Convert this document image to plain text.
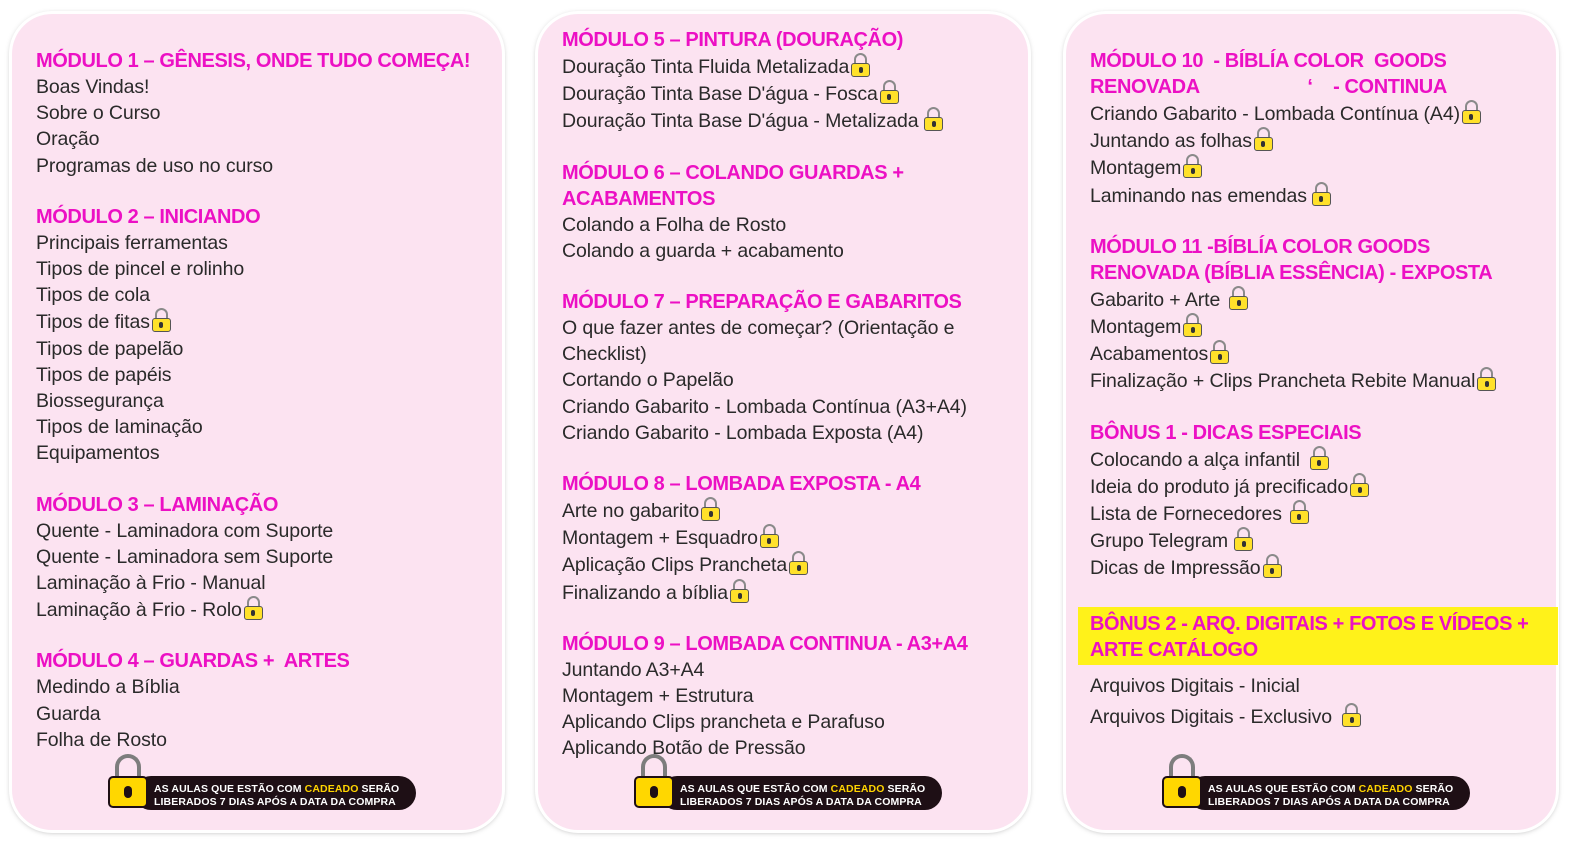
MÓDULO 1 – GÊNESIS, ONDE TUDO COMEÇA!
Boas Vindas!
Sobre o Curso
Oração
Programas de uso no curso
MÓDULO 2 – INICIANDO
Principais ferramentas
Tipos de pincel e rolinho
Tipos de cola
Tipos de fitas
Tipos de papelão
Tipos de papéis
Biossegurança
Tipos de laminação
Equipamentos
MÓDULO 3 – LAMINAÇÃO
Quente - Laminadora com Suporte
Quente - Laminadora sem Suporte
Laminação à Frio - Manual
Laminação à Frio - Rolo
MÓDULO 4 – GUARDAS +  ARTES
Medindo a Bíblia
Guarda
Folha de Rosto
AS AULAS QUE ESTÃO COM CADEADO SERÃO
LIBERADOS 7 DIAS APÓS A DATA DA COMPRA
MÓDULO 5 – PINTURA (DOURAÇÃO)
Douração Tinta Fluida Metalizada
Douração Tinta Base D'água - Fosca
Douração Tinta Base D'água - Metalizada
MÓDULO 6 – COLANDO GUARDAS + ACABAMENTOS
Colando a Folha de Rosto
Colando a guarda + acabamento
MÓDULO 7 – PREPARAÇÃO E GABARITOS
O que fazer antes de começar? (Orientação e
Checklist)
Cortando o Papelão
Criando Gabarito - Lombada Contínua (A3+A4)
Criando Gabarito - Lombada Exposta (A4)
MÓDULO 8 – LOMBADA EXPOSTA - A4
Arte no gabarito
Montagem + Esquadro
Aplicação Clips Prancheta
Finalizando a bíblia
MÓDULO 9 – LOMBADA CONTINUA - A3+A4
Juntando A3+A4
Montagem + Estrutura
Aplicando Clips prancheta e Parafuso
Aplicando Botão de Pressão
AS AULAS QUE ESTÃO COM CADEADO SERÃO
LIBERADOS 7 DIAS APÓS A DATA DA COMPRA
MÓDULO 10  - BÍBLÍA COLOR  GOODS
RENOVADA                     ‘    - CONTINUA
Criando Gabarito - Lombada Contínua (A4)
Juntando as folhas
Montagem
Laminando nas emendas
MÓDULO 11 -BÍBLÍA COLOR GOODS RENOVADA (BÍBLIA ESSÊNCIA) - EXPOSTA
Gabarito + Arte
Montagem
Acabamentos
Finalização + Clips Prancheta Rebite Manual
BÔNUS 1 - DICAS ESPECIAIS
Colocando a alça infantil
Ideia do produto já precificado
Lista de Fornecedores
Grupo Telegram
Dicas de Impressão
BÔNUS 2 - ARQ. DIGITAIS + FOTOS E VÍDEOS + ARTE CATÁLOGO
Arquivos Digitais - Inicial
Arquivos Digitais - Exclusivo
AS AULAS QUE ESTÃO COM CADEADO SERÃO
LIBERADOS 7 DIAS APÓS A DATA DA COMPRA
